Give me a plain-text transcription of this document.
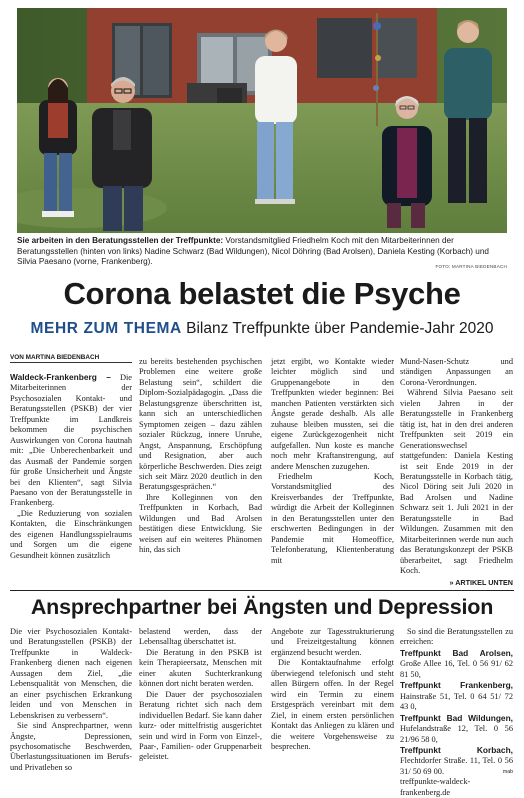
Sie arbeiten in den Beratungsstellen der Treffpunkte: Vorstandsmitglied Friedhelm Koch mit den Mitarbeiterinnen der Beratungsstellen (hinten von links) Nadine Schwarz (Bad Wildungen), Nicol Döhring (Bad Arolsen), Daniela Kesting (Korbach) und Silvia Paesano (vorne, Frankenberg).
FOTO: MARTINA BIEDENBACH
Corona belastet die Psyche
MEHR ZUM THEMA Bilanz Treffpunkte über Pandemie-Jahr 2020
VON MARTINA BIEDENBACH

Waldeck-Frankenberg – Die Mitarbeiterinnen der Psychosozialen Kontakt- und Beratungsstellen (PSKB) der vier Treffpunkte im Landkreis bekommen die psychischen Auswirkungen von Corona hautnah mit: „Die Unberechenbarkeit und das Ausmaß der Pandemie sorgen für große Unsicherheit und Ängste bei den Klienten“, sagt Silvia Paesano von der Beratungsstelle in Frankenberg.

„Die Reduzierung von sozialen Kontakten, die Einschränkungen des eigenen Handlungsspielraums und Sorgen um die eigene Gesundheit können zusätzlich

zu bereits bestehenden psychischen Problemen eine weitere große Belastung sein“, schildert die Diplom-Sozialpädagogin. „Dass die Belastungsgrenze überschritten ist, kann sich an unterschiedlichen Symptomen zeigen – dazu zählen sozialer Rückzug, innere Unruhe, Angst, Anspannung, Erschöpfung und Resignation, aber auch körperliche Beschwerden. Dies zeigt sich seit März 2020 deutlich in den Beratungsgesprächen.“

Ihre Kolleginnen von den Treffpunkten in Korbach, Bad Wildungen und Bad Arolsen bestätigen diese Entwicklung. Sie weisen auf ein weiteres Phänomen hin, das sich

jetzt ergibt, wo Kontakte wieder leichter möglich sind und Gruppenangebote in den Treffpunkten wieder beginnen: Bei manchen Patienten verstärkten sich Ängste gerade deshalb. Als alle zuhause bleiben mussten, sei die eigene Zurückgezogenheit nicht aufgefallen. Nun koste es manche noch mehr Kraftanstrengung, auf andere Menschen zuzugehen.

Friedhelm Koch, Vorstandsmitglied des Kreisverbandes der Treffpunkte, würdigt die Arbeit der Kolleginnen in den Beratungsstellen unter den erschwerten Bedingungen in der Pandemie mit Homeoffice, Telefonberatung, Klientenberatung mit

Mund-Nasen-Schutz und ständigen Anpassungen an Corona-Verordnungen.

Während Silvia Paesano seit vielen Jahren in der Beratungsstelle in Frankenberg tätig ist, hat in den drei anderen Treffpunkten seit 2019 ein Generationswechsel stattgefunden: Daniela Kesting ist seit Ende 2019 in der Beratungsstelle in Korbach tätig, Nicol Döring seit Juli 2020 in Bad Arolsen und Nadine Schwarz seit 1. Juli 2021 in der Beratungsstelle in Bad Wildungen. Zusammen mit den Mitarbeiterinnen werde nun auch das Beratungskonzept der PSKB überarbeitet, sagt Friedhelm Koch.

» ARTIKEL UNTEN
Ansprechpartner bei Ängsten und Depression

Die vier Psychosozialen Kontakt- und Beratungsstellen (PSKB) der Treffpunkte in Waldeck-Frankenberg dienen nach eigenen Aussagen dem Ziel, „die Lebensqualität von Menschen, die an einer psychischen Erkrankung leiden und von Menschen in Lebenskrisen zu verbessern“.

Sie sind Ansprechpartner, wenn Ängste, Depressionen, psychosomatische Beschwerden, Überlastungssituationen im Berufs- und Privatleben so

belastend werden, dass der Lebensalltag überschattet ist.

Die Beratung in den PSKB ist kein Therapieersatz, Menschen mit einer akuten Suchterkrankung können dort nicht beraten werden.

Die Dauer der psychosozialen Beratung richtet sich nach dem individuellen Bedarf. Sie kann daher kurz- oder mittelfristig ausgerichtet sein und wird in Form von Einzel-, Paar-, Familien- oder Gruppenarbeit geleistet.

Angebote zur Tagesstrukturierung und Freizeitgestaltung können ergänzend besucht werden.

Die Kontaktaufnahme erfolgt überwiegend telefonisch und steht allen Bürgern offen. In der Regel wird ein Termin zu einem Erstgespräch vereinbart mit dem Ziel, in einem ersten persönlichen Kontakt das Anliegen zu klären und die weitere Vorgehensweise zu besprechen.

So sind die Beratungsstellen zu erreichen:

Treffpunkt Bad Arolsen, Große Allee 16, Tel. 0 56 91/ 62 81 50,

Treffpunkt Frankenberg, Hainstraße 51, Tel. 0 64 51/ 72 43 0,

Treffpunkt Bad Wildungen, Hufelandstraße 12, Tel. 0 56 21/96 58 0,

Treffpunkt Korbach, Flechtdorfer Straße. 11, Tel. 0 56 31/ 50 69 00.	mab

treffpunkte-waldeck-frankenberg.de
